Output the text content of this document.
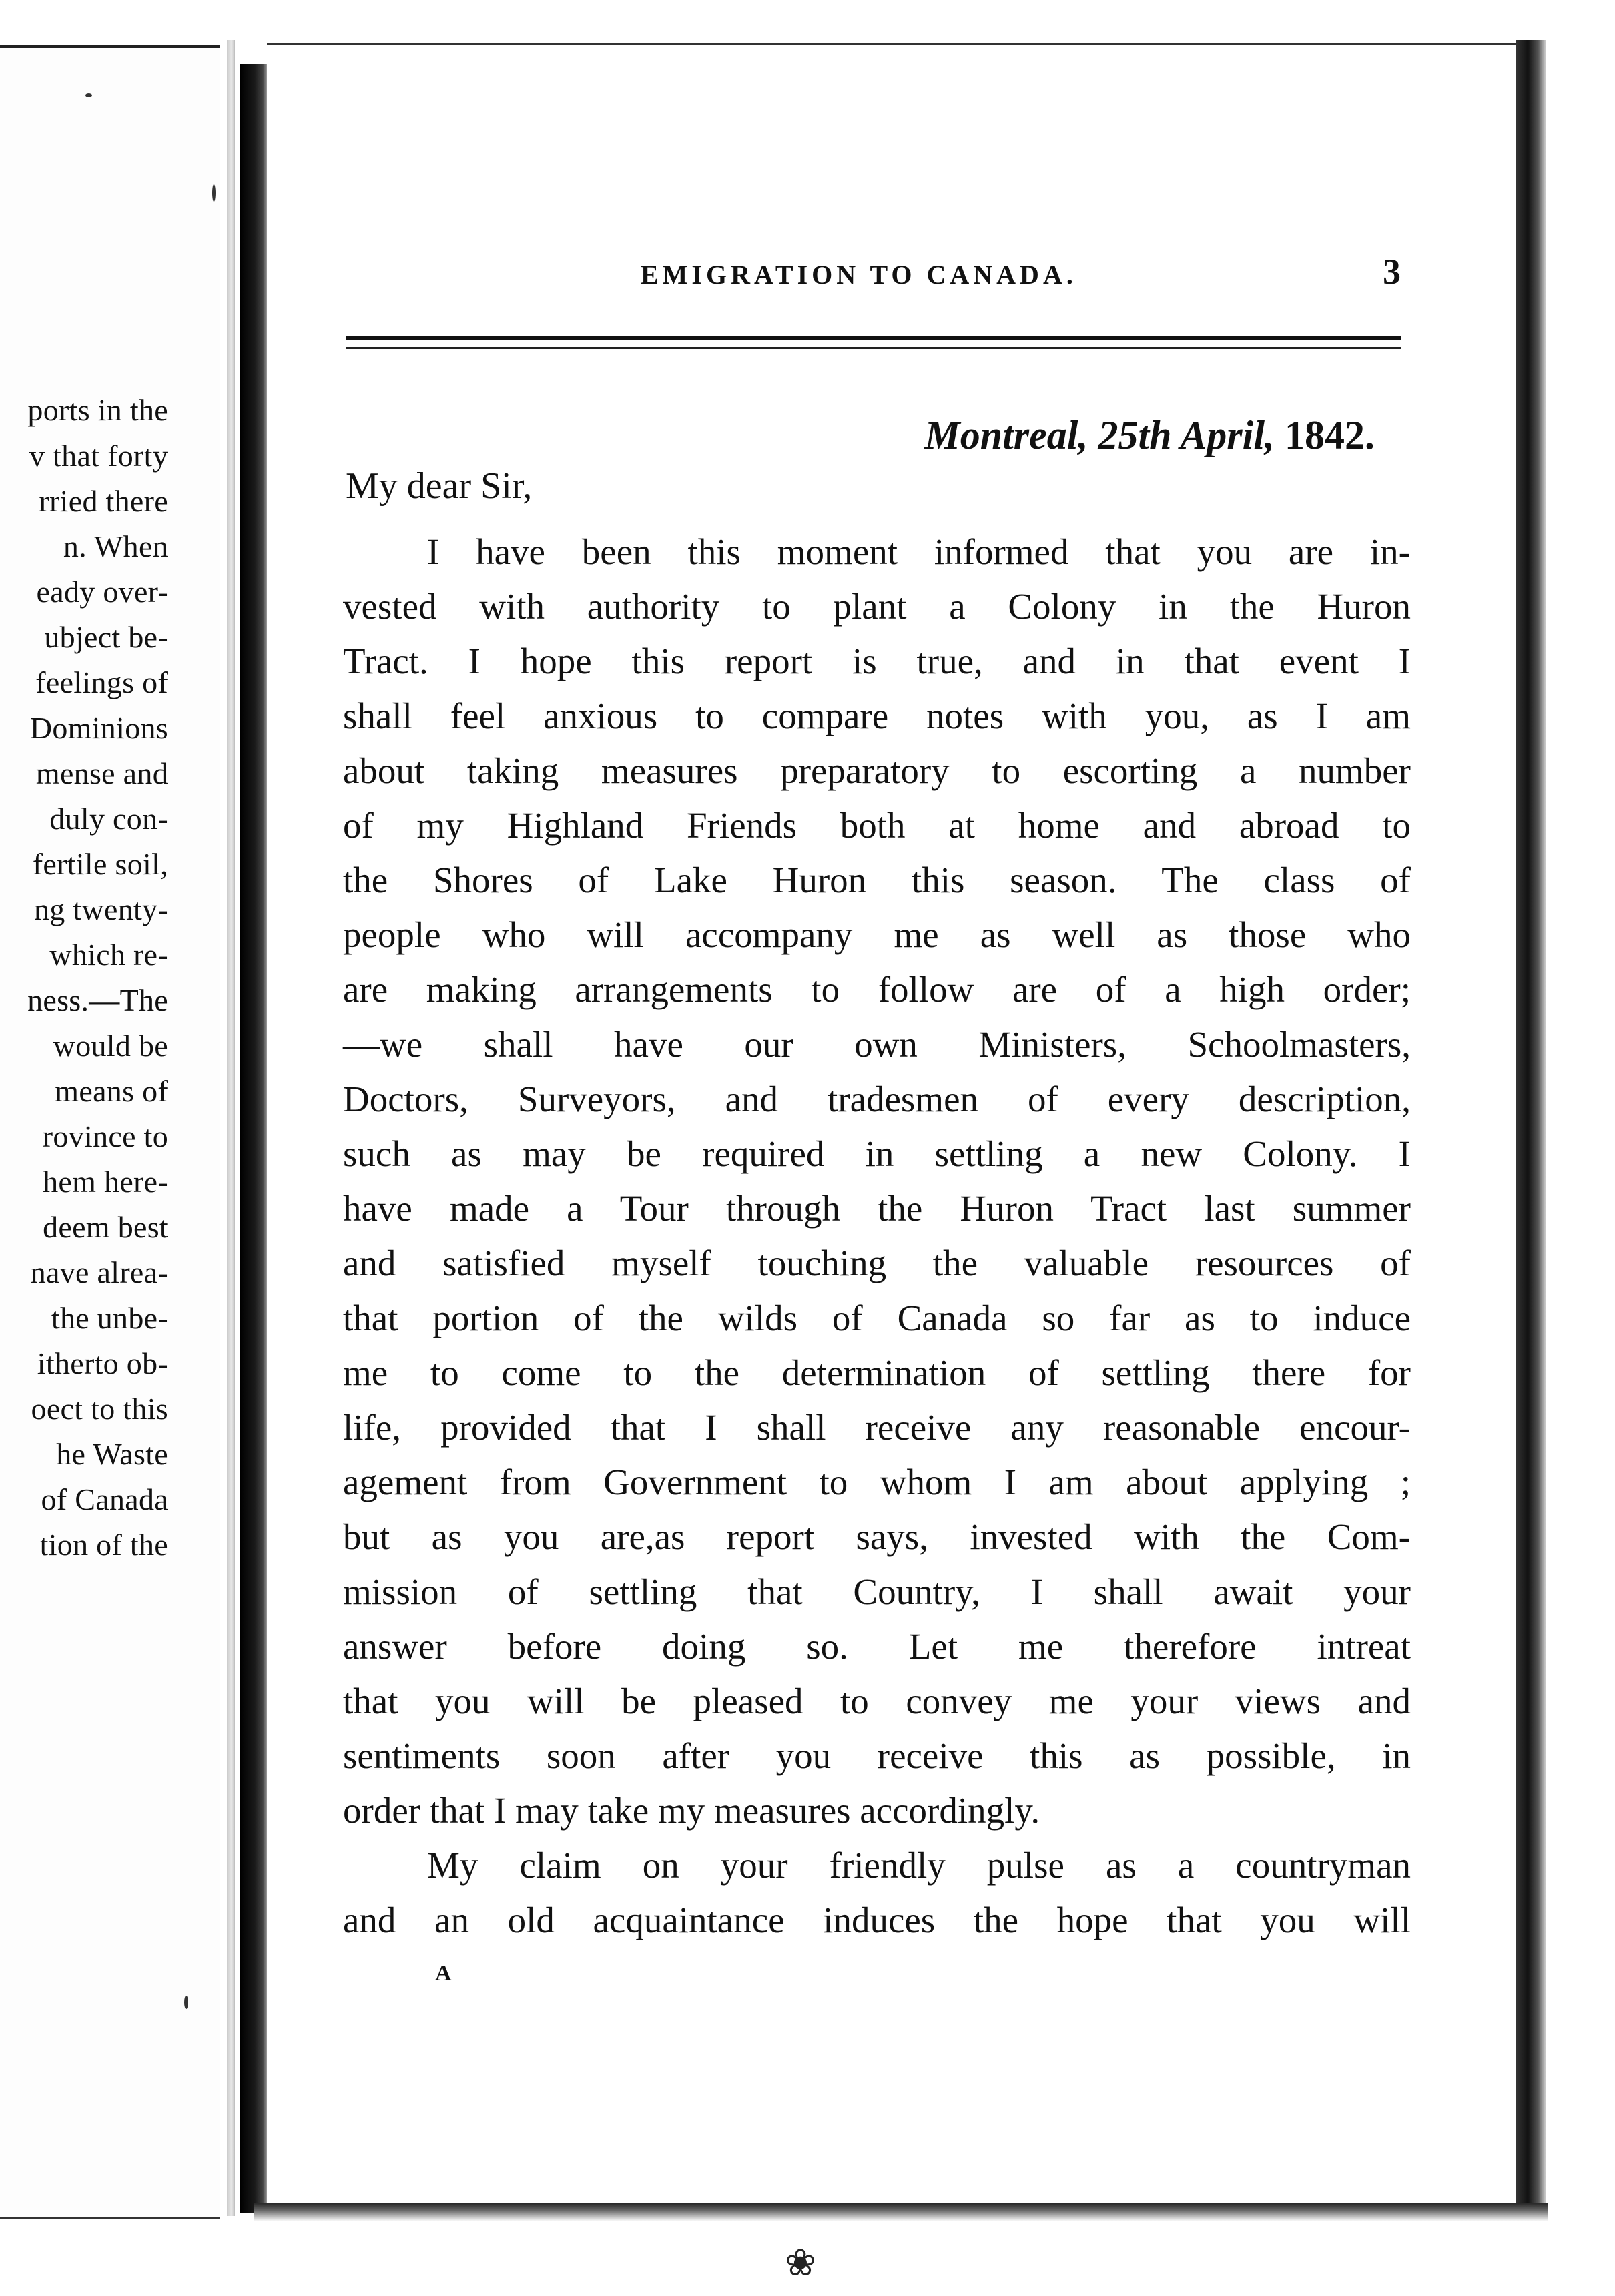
ports in the
v that forty
rried there
n. When
eady over-
ubject be-
feelings of
Dominions
mense and
duly con-
fertile soil,
ng twenty-
which re-
ness.—The
would be
means of
rovince to
hem here-
deem best
nave alrea-
the unbe-
itherto ob-
oect to this
he Waste
of Canada
tion of the
EMIGRATION TO CANADA.	3
Montreal, 25th April, 1842.
My dear Sir,
I have been this moment informed that you are in-
vested with authority to plant a Colony in the Huron
Tract. I hope this report is true, and in that event I
shall feel anxious to compare notes with you, as I am
about taking measures preparatory to escorting a number
of my Highland Friends both at home and abroad to
the Shores of Lake Huron this season. The class of
people who will accompany me as well as those who
are making arrangements to follow are of a high order;
—we shall have our own Ministers, Schoolmasters,
Doctors, Surveyors, and tradesmen of every description,
such as may be required in settling a new Colony. I
have made a Tour through the Huron Tract last summer
and satisfied myself touching the valuable resources of
that portion of the wilds of Canada so far as to induce
me to come to the determination of settling there for
life, provided that I shall receive any reasonable encour-
agement from Government to whom I am about applying ;
but as you are,as report says, invested with the Com-
mission of settling that Country, I shall await your
answer before doing so. Let me therefore intreat
that you will be pleased to convey me your views and
sentiments soon after you receive this as possible, in
order that I may take my measures accordingly.
My claim on your friendly pulse as a countryman
and an old acquaintance induces the hope that you will
A
❀
